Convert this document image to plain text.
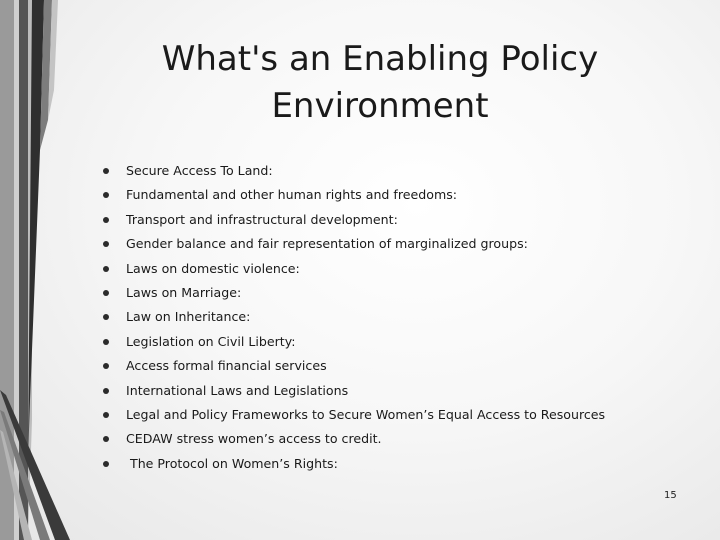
What's an Enabling Policy Environment
Secure Access To Land:
Fundamental and other human rights and freedoms:
Transport and infrastructural development:
Gender balance and fair representation of marginalized groups:
Laws on domestic violence:
Laws on Marriage:
Law on Inheritance:
Legislation on Civil Liberty:
Access formal financial services
International Laws and Legislations
Legal and Policy Frameworks to Secure Women’s Equal Access to Resources
CEDAW stress women’s access to credit.
The Protocol on Women’s Rights:
15
